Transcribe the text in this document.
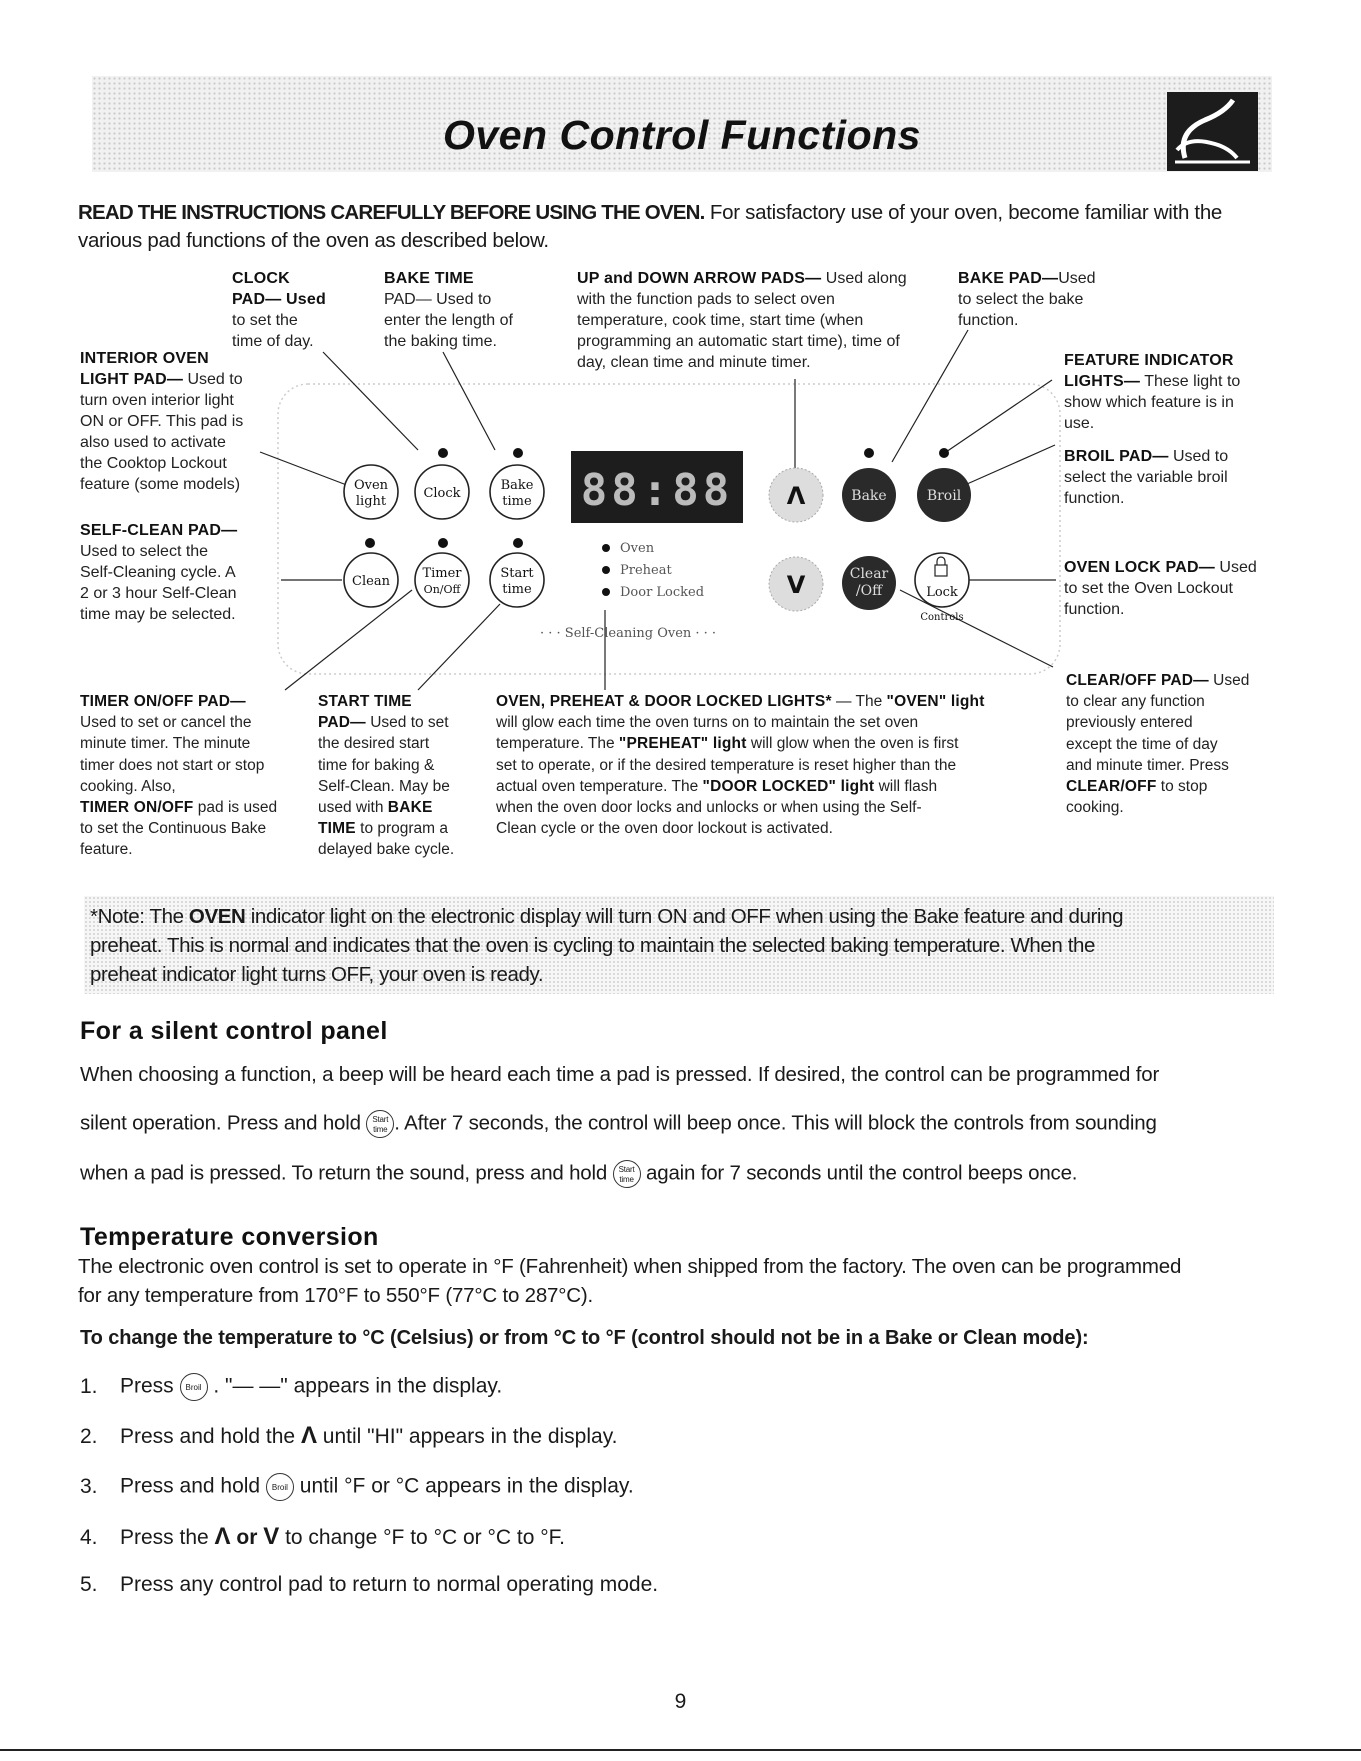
Oven Control Functions
READ THE INSTRUCTIONS CAREFULLY BEFORE USING THE OVEN. For satisfactory use of your oven, become familiar with the various pad functions of the oven as described below.
CLOCK
PAD— Used
to set the
time of day.
BAKE TIME
PAD— Used to
enter the length of
the baking time.
UP and DOWN ARROW PADS— Used along
with the function pads to select oven
temperature, cook time, start time (when
programming an automatic start time), time of
day, clean time and minute timer.
BAKE PAD—Used
to select the bake
function.
INTERIOR OVEN
LIGHT PAD— Used to
turn oven interior light
ON or OFF. This pad is
also used to activate
the Cooktop Lockout
feature (some models)
SELF-CLEAN PAD—
Used to select the
Self-Cleaning cycle. A
2 or 3 hour Self-Clean
time may be selected.
FEATURE INDICATOR
LIGHTS— These light to
show which feature is in
use.
BROIL PAD— Used to
select the variable broil
function.
OVEN LOCK PAD— Used
to set the Oven Lockout
function.
TIMER ON/OFF PAD—
Used to set or cancel the
minute timer. The minute
timer does not start or stop
cooking. Also,
TIMER ON/OFF pad is used
to set the Continuous Bake
feature.
START TIME
PAD— Used to set
the desired start
time for baking &
Self-Clean. May be
used with BAKE
TIME to program a
delayed bake cycle.
OVEN, PREHEAT & DOOR LOCKED LIGHTS* — The "OVEN" light
will glow each time the oven turns on to maintain the set oven
temperature. The "PREHEAT" light will glow when the oven is first
set to operate, or if the desired temperature is reset higher than the
actual oven temperature. The "DOOR LOCKED" light will flash
when the oven door locks and unlocks or when using the Self-
Clean cycle or the oven door lockout is activated.
CLEAR/OFF PAD— Used
to clear any function
previously entered
except the time of day
and minute timer. Press
CLEAR/OFF to stop
cooking.
Oven
light
Clock
Bake
time
Clean
Timer
On/Off
Start
time
88:88
Oven
Preheat
Door Locked
· · · Self-Cleaning Oven · · ·
Λ
V
Bake	Broil
Clear
/Off	Lock
Controls
*Note: The OVEN indicator light on the electronic display will turn ON and OFF when using the Bake feature and during
preheat. This is normal and indicates that the oven is cycling to maintain the selected baking temperature. When the
preheat indicator light turns OFF, your oven is ready.
For a silent control panel
When choosing a function, a beep will be heard each time a pad is pressed. If desired, the control can be programmed for
silent operation. Press and hold Start
time . After 7 seconds, the control will beep once. This will block the controls from sounding
when a pad is pressed. To return the sound, press and hold Start
time again for 7 seconds until the control beeps once.
Temperature conversion
The electronic oven control is set to operate in °F (Fahrenheit) when shipped from the factory. The oven can be programmed
for any temperature from 170°F to 550°F (77°C to 287°C).
To change the temperature to °C (Celsius) or from °C to °F (control should not be in a Bake or Clean mode):
1. Press Broil . "— —" appears in the display.
2. Press and hold the Λ until "HI" appears in the display.
3. Press and hold Broil until °F or °C appears in the display.
4. Press the Λ or V to change °F to °C or °C to °F.
5. Press any control pad to return to normal operating mode.
9
